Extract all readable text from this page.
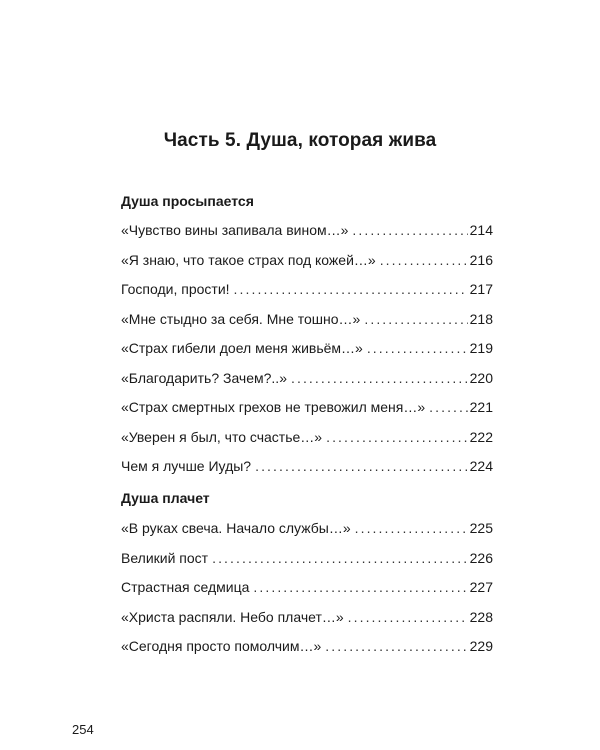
Часть 5. Душа, которая жива
Душа просыпается
«Чувство вины запивала вином…» . . .	214
«Я знаю, что такое страх под кожей…» . . .	216
Господи, прости! . . .	217
«Мне стыдно за себя. Мне тошно…» . . .	218
«Страх гибели доел меня живьём…» . . .	219
«Благодарить? Зачем?..» . . .	220
«Страх смертных грехов не тревожил меня…» . . .	221
«Уверен я был, что счастье…» . . .	222
Чем я лучше Иуды? . . .	224
Душа плачет
«В руках свеча. Начало службы…» . . .	225
Великий пост . . .	226
Страстная седмица . . .	227
«Христа распяли. Небо плачет…» . . .	228
«Сегодня просто помолчим…» . . .	229
254
